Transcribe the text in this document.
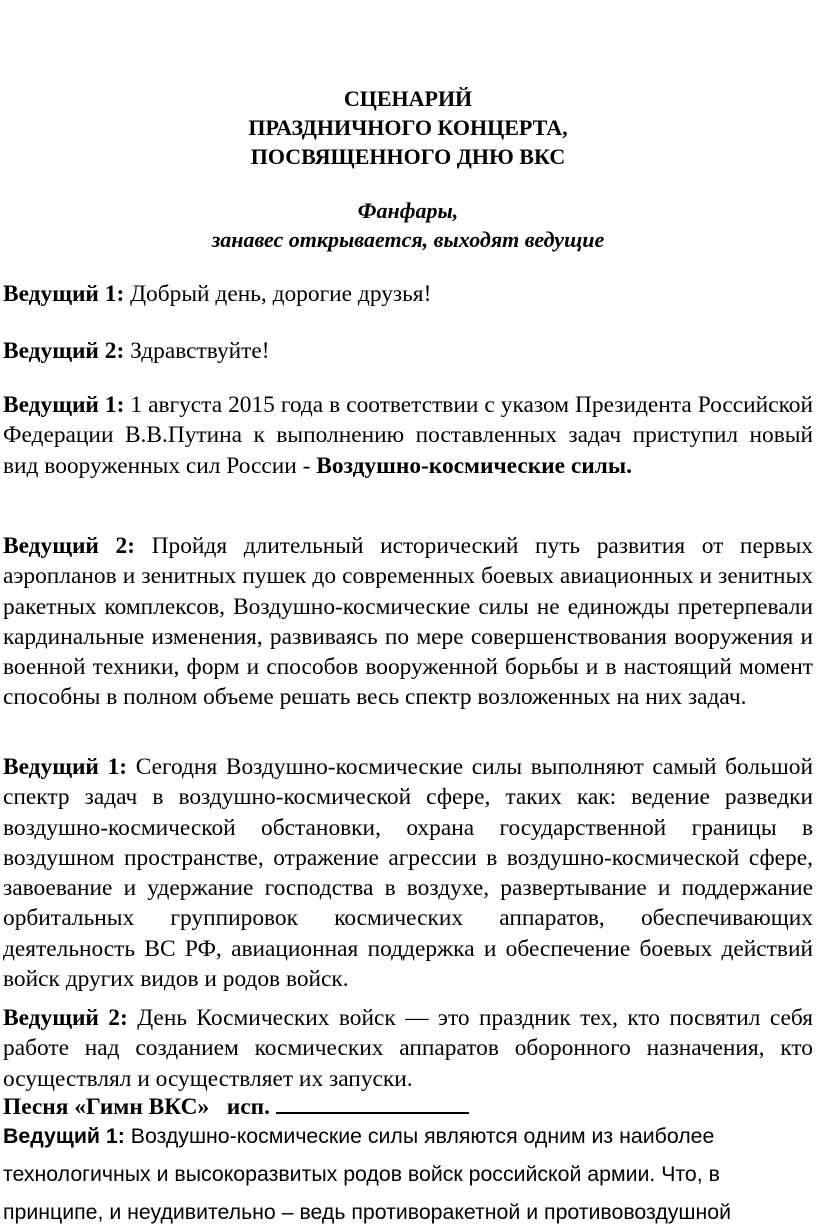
СЦЕНАРИЙ
ПРАЗДНИЧНОГО КОНЦЕРТА,
ПОСВЯЩЕННОГО ДНЮ ВКС
Фанфары,
занавес открывается, выходят ведущие
Ведущий 1: Добрый день, дорогие друзья!
Ведущий 2: Здравствуйте!
Ведущий 1: 1 августа 2015 года в соответствии с указом Президента Российской Федерации В.В.Путина к выполнению поставленных задач приступил новый вид вооруженных сил России - Воздушно-космические силы.
Ведущий 2: Пройдя длительный исторический путь развития от первых аэропланов и зенитных пушек до современных боевых авиационных и зенитных ракетных комплексов, Воздушно-космические силы не единожды претерпевали кардинальные изменения, развиваясь по мере совершенствования вооружения и военной техники, форм и способов вооруженной борьбы и в настоящий момент способны в полном объеме решать весь спектр возложенных на них задач.
Ведущий 1: Сегодня Воздушно-космические силы выполняют самый большой спектр задач в воздушно-космической сфере, таких как: ведение разведки воздушно-космической обстановки, охрана государственной границы в воздушном пространстве, отражение агрессии в воздушно-космической сфере, завоевание и удержание господства в воздухе, развертывание и поддержание орбитальных группировок космических аппаратов, обеспечивающих деятельность ВС РФ, авиационная поддержка и обеспечение боевых действий войск других видов и родов войск.
Ведущий 2: День Космических войск — это праздник тех, кто посвятил себя работе над созданием космических аппаратов оборонного назначения, кто осуществлял и осуществляет их запуски.
Песня «Гимн ВКС» исп.
Ведущий 1: Воздушно-космические силы являются одним из наиболее технологичных и высокоразвитых родов войск российской армии. Что, в принципе, и неудивительно – ведь противоракетной и противовоздушной
